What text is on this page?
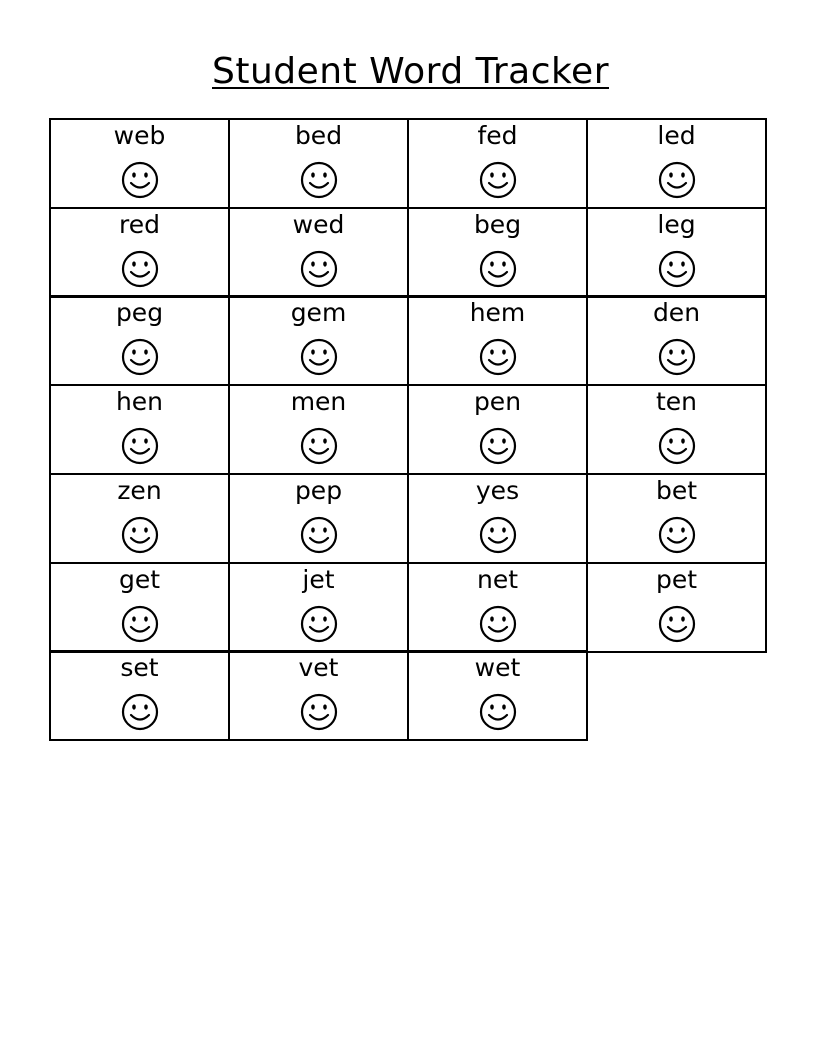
Student Word Tracker
web	bed	fed	led
red	wed	beg	leg
peg	gem	hem	den
hen	men	pen	ten
zen	pep	yes	bet
get	jet	net	pet
set	vet	wet
